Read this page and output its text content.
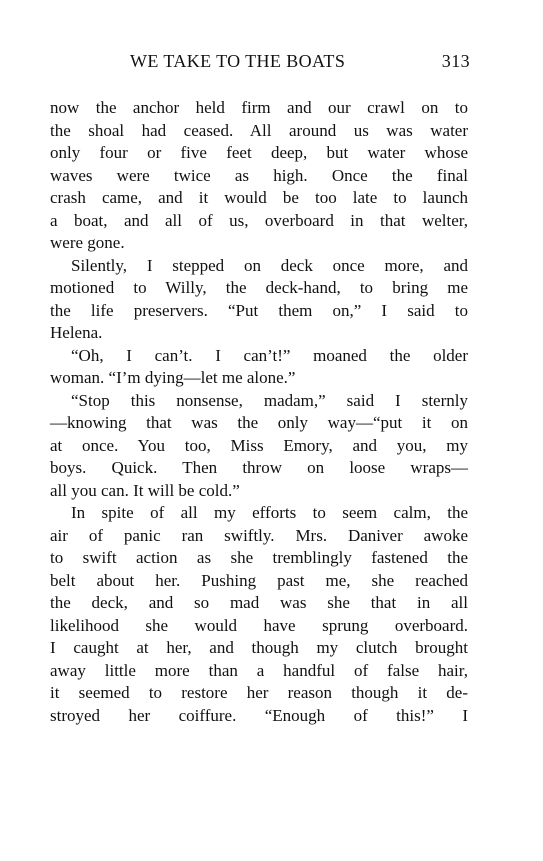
WE TAKE TO THE BOATS	313
now the anchor held firm and our crawl on to
the shoal had ceased. All around us was water
only four or five feet deep, but water whose
waves were twice as high. Once the final
crash came, and it would be too late to launch
a boat, and all of us, overboard in that welter,
were gone.
Silently, I stepped on deck once more, and
motioned to Willy, the deck-hand, to bring me
the life preservers. “Put them on,” I said to
Helena.
“Oh, I can’t. I can’t!” moaned the older
woman. “I’m dying—let me alone.”
“Stop this nonsense, madam,” said I sternly
—knowing that was the only way—“put it on
at once. You too, Miss Emory, and you, my
boys. Quick. Then throw on loose wraps—
all you can. It will be cold.”
In spite of all my efforts to seem calm, the
air of panic ran swiftly. Mrs. Daniver awoke
to swift action as she tremblingly fastened the
belt about her. Pushing past me, she reached
the deck, and so mad was she that in all
likelihood she would have sprung overboard.
I caught at her, and though my clutch brought
away little more than a handful of false hair,
it seemed to restore her reason though it de-
stroyed her coiffure. “Enough of this!” I
